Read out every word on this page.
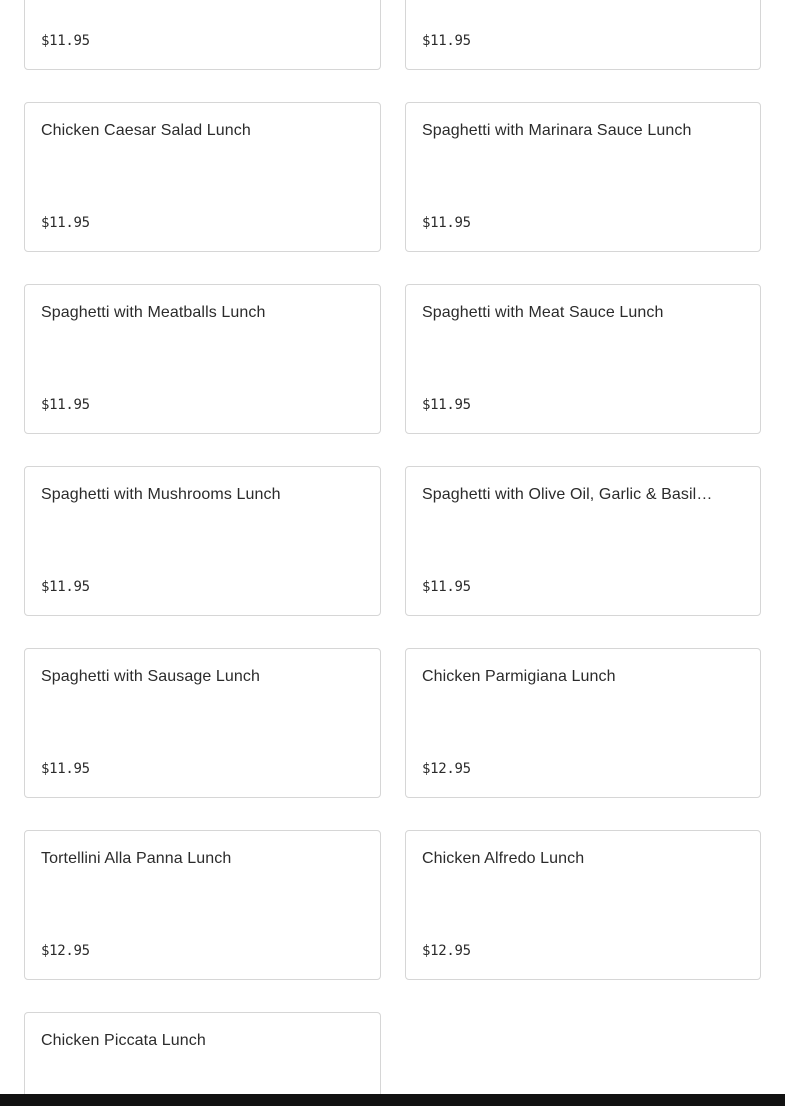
$11.95	$11.95
Chicken Caesar Salad Lunch
$11.95
Spaghetti with Marinara Sauce Lunch
$11.95
Spaghetti with Meatballs Lunch
$11.95
Spaghetti with Meat Sauce Lunch
$11.95
Spaghetti with Mushrooms Lunch
$11.95
Spaghetti with Olive Oil, Garlic & Basil…
$11.95
Spaghetti with Sausage Lunch
$11.95
Chicken Parmigiana Lunch
$12.95
Tortellini Alla Panna Lunch
$12.95
Chicken Alfredo Lunch
$12.95
Chicken Piccata Lunch
